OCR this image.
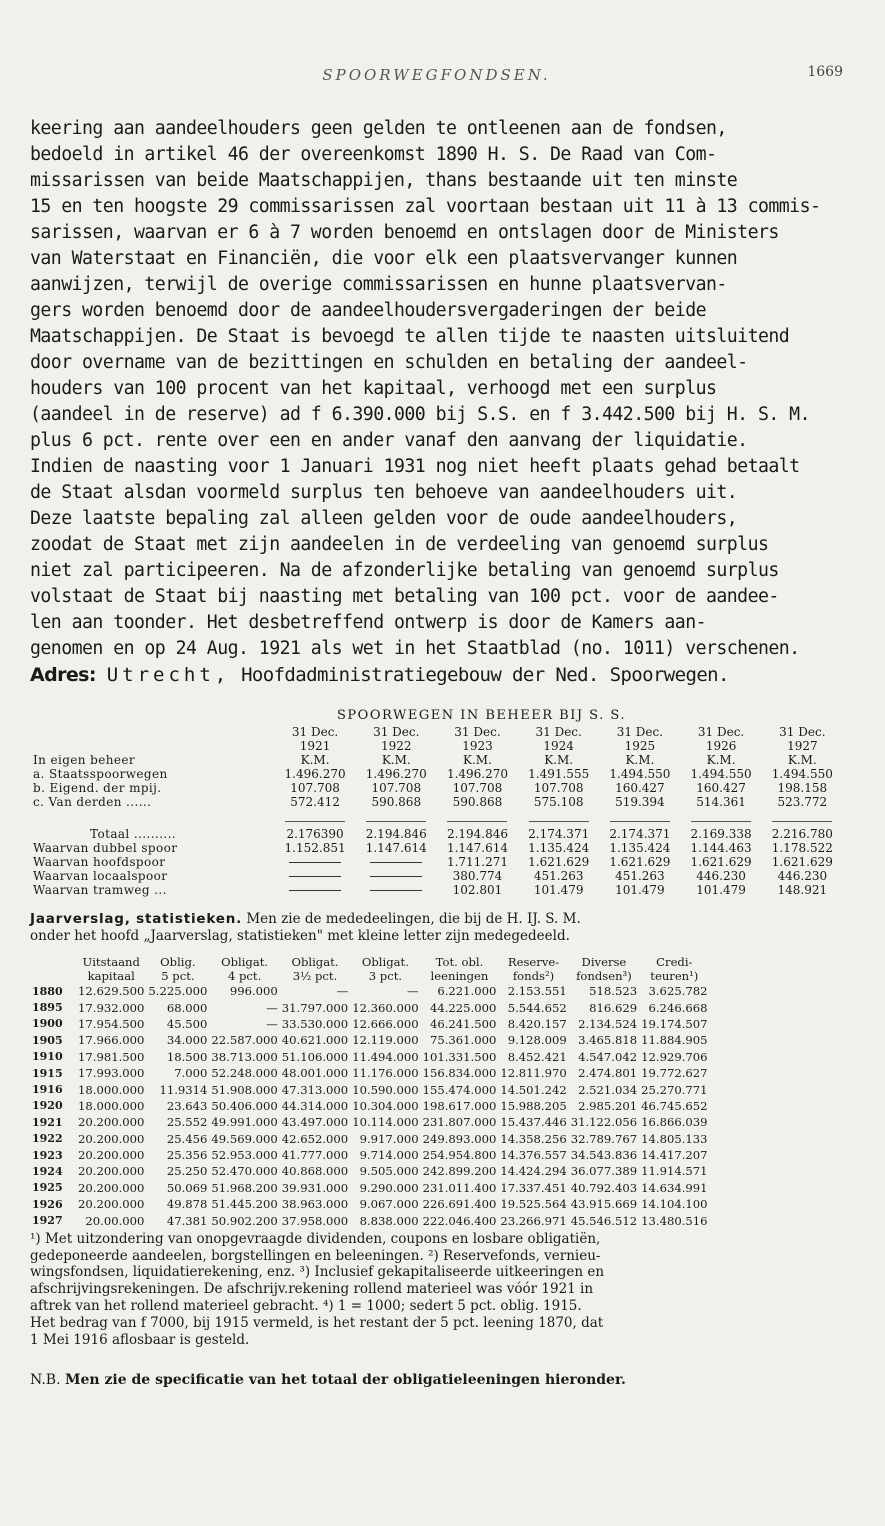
SPOORWEGFONDSEN.	1669
keering aan aandeelhouders geen gelden te ontleenen aan de fondsen,
bedoeld in artikel 46 der overeenkomst 1890 H. S. De Raad van Com-
missarissen van beide Maatschappijen, thans bestaande uit ten minste
15 en ten hoogste 29 commissarissen zal voortaan bestaan uit 11 à 13 commis-
sarissen, waarvan er 6 à 7 worden benoemd en ontslagen door de Ministers
van Waterstaat en Financiën, die voor elk een plaatsvervanger kunnen
aanwijzen, terwijl de overige commissarissen en hunne plaatsvervan-
gers worden benoemd door de aandeelhoudersvergaderingen der beide
Maatschappijen. De Staat is bevoegd te allen tijde te naasten uitsluitend
door overname van de bezittingen en schulden en betaling der aandeel-
houders van 100 procent van het kapitaal, verhoogd met een surplus
(aandeel in de reserve) ad f 6.390.000 bij S.S. en f 3.442.500 bij H. S. M.
plus 6 pct. rente over een en ander vanaf den aanvang der liquidatie.
Indien de naasting voor 1 Januari 1931 nog niet heeft plaats gehad betaalt
de Staat alsdan voormeld surplus ten behoeve van aandeelhouders uit.
Deze laatste bepaling zal alleen gelden voor de oude aandeelhouders,
zoodat de Staat met zijn aandeelen in de verdeeling van genoemd surplus
niet zal participeeren. Na de afzonderlijke betaling van genoemd surplus
volstaat de Staat bij naasting met betaling van 100 pct. voor de aandee-
len aan toonder. Het desbetreffend ontwerp is door de Kamers aan-
genomen en op 24 Aug. 1921 als wet in het Staatblad (no. 1011) verschenen.
Adres: Utrecht, Hoofdadministratiegebouw der Ned. Spoorwegen.
SPOORWEGEN IN BEHEER BIJ S. S.
	31 Dec.	31 Dec.	31 Dec.	31 Dec.	31 Dec.	31 Dec.	31 Dec.
	1921	1922	1923	1924	1925	1926	1927
In eigen beheer	K.M.	K.M.	K.M.	K.M.	K.M.	K.M.	K.M.
a. Staatsspoorwegen	1.496.270	1.496.270	1.496.270	1.491.555	1.494.550	1.494.550	1.494.550
b. Eigend. der mpij.	107.708	107.708	107.708	107.708	160.427	160.427	198.158
c. Van derden ......	572.412	590.868	590.868	575.108	519.394	514.361	523.772

Totaal ..........	2.176390	2.194.846	2.194.846	2.174.371	2.174.371	2.169.338	2.216.780
Waarvan dubbel spoor	1.152.851	1.147.614	1.147.614	1.135.424	1.135.424	1.144.463	1.178.522
Waarvan hoofdspoor			1.711.271	1.621.629	1.621.629	1.621.629	1.621.629
Waarvan locaalspoor			380.774	451.263	451.263	446.230	446.230
Waarvan tramweg ...			102.801	101.479	101.479	101.479	148.921
Jaarverslag, statistieken. Men zie de mededeelingen, die bij de H. IJ. S. M.
onder het hoofd „Jaarverslag, statistieken" met kleine letter zijn medegedeeld.
	Uitstaand	Oblig.	Obligat.	Obligat.	Obligat.	Tot. obl.	Reserve-	Diverse	Credi-
	kapitaal	5 pct.	4 pct.	3½ pct.	3 pct.	leeningen	fonds²)	fondsen³)	teuren¹)
1880	12.629.500	5.225.000	996.000	—	—	6.221.000	2.153.551	518.523	3.625.782
1895	17.932.000	68.000	—	31.797.000	12.360.000	44.225.000	5.544.652	816.629	6.246.668
1900	17.954.500	45.500	—	33.530.000	12.666.000	46.241.500	8.420.157	2.134.524	19.174.507
1905	17.966.000	34.000	22.587.000	40.621.000	12.119.000	75.361.000	9.128.009	3.465.818	11.884.905
1910	17.981.500	18.500	38.713.000	51.106.000	11.494.000	101.331.500	8.452.421	4.547.042	12.929.706
1915	17.993.000	7.000	52.248.000	48.001.000	11.176.000	156.834.000	12.811.970	2.474.801	19.772.627
1916	18.000.000	11.9314	51.908.000	47.313.000	10.590.000	155.474.000	14.501.242	2.521.034	25.270.771
1920	18.000.000	23.643	50.406.000	44.314.000	10.304.000	198.617.000	15.988.205	2.985.201	46.745.652
1921	20.200.000	25.552	49.991.000	43.497.000	10.114.000	231.807.000	15.437.446	31.122.056	16.866.039
1922	20.200.000	25.456	49.569.000	42.652.000	9.917.000	249.893.000	14.358.256	32.789.767	14.805.133
1923	20.200.000	25.356	52.953.000	41.777.000	9.714.000	254.954.800	14.376.557	34.543.836	14.417.207
1924	20.200.000	25.250	52.470.000	40.868.000	9.505.000	242.899.200	14.424.294	36.077.389	11.914.571
1925	20.200.000	50.069	51.968.200	39.931.000	9.290.000	231.011.400	17.337.451	40.792.403	14.634.991
1926	20.200.000	49.878	51.445.200	38.963.000	9.067.000	226.691.400	19.525.564	43.915.669	14.104.100
1927	20.00.000	47.381	50.902.200	37.958.000	8.838.000	222.046.400	23.266.971	45.546.512	13.480.516
¹) Met uitzondering van onopgevraagde dividenden, coupons en losbare obligatiën,
gedeponeerde aandeelen, borgstellingen en beleeningen. ²) Reservefonds, vernieu-
wingsfondsen, liquidatierekening, enz. ³) Inclusief gekapitaliseerde uitkeeringen en
afschrijvingsrekeningen. De afschrijv.rekening rollend materieel was vóór 1921 in
aftrek van het rollend materieel gebracht. ⁴) 1 = 1000; sedert 5 pct. oblig. 1915.
Het bedrag van f 7000, bij 1915 vermeld, is het restant der 5 pct. leening 1870, dat
1 Mei 1916 aflosbaar is gesteld.
N.B. Men zie de specificatie van het totaal der obligatieleeningen hieronder.
